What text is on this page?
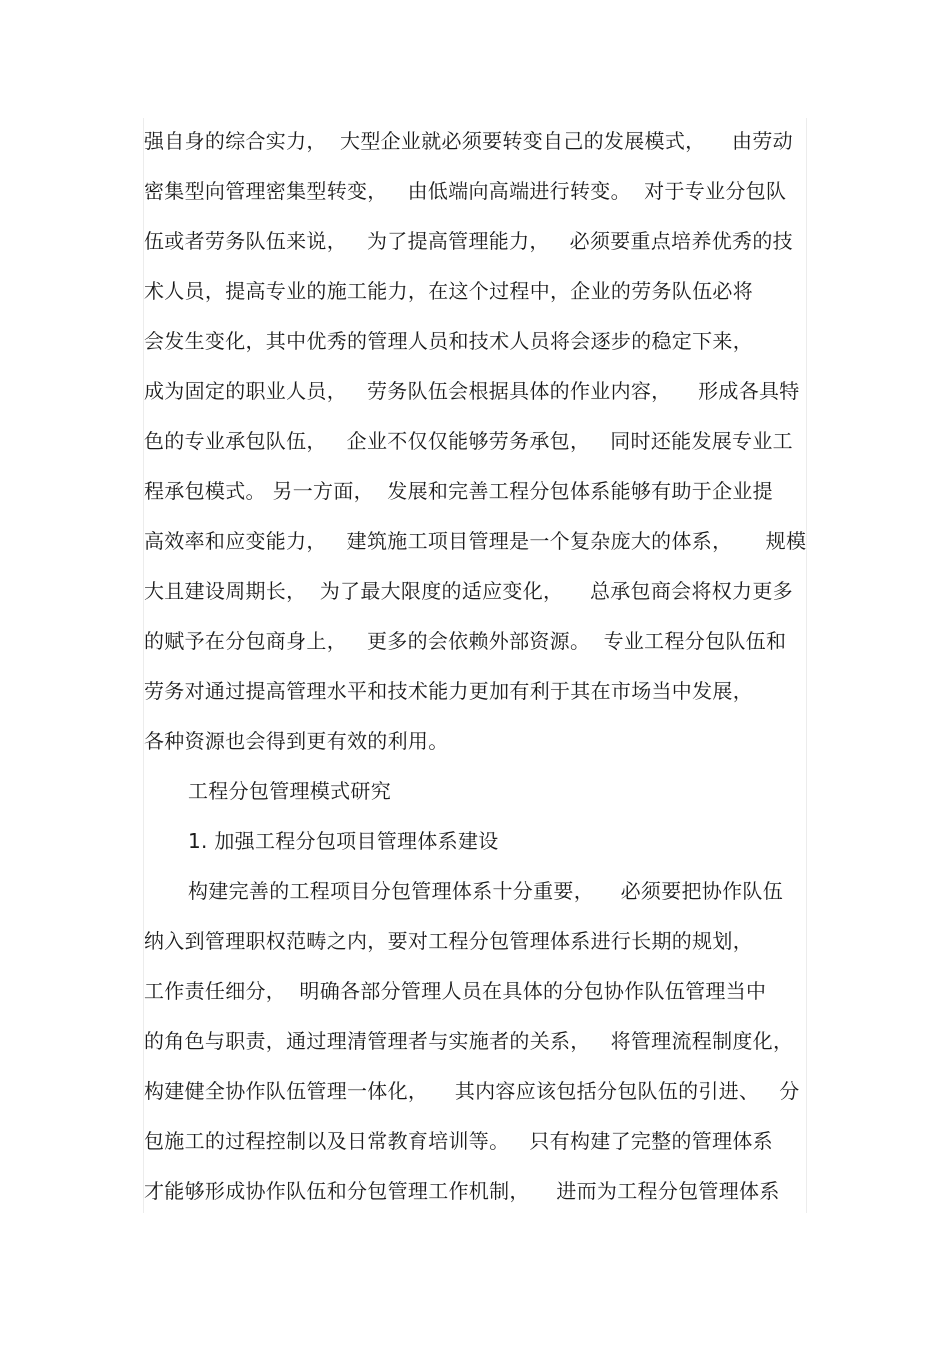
强自身的综合实力，  大型企业就必须要转变自己的发展模式，    由劳动
密集型向管理密集型转变，   由低端向高端进行转变。  对于专业分包队
伍或者劳务队伍来说，   为了提高管理能力，   必须要重点培养优秀的技
术人员，提高专业的施工能力，在这个过程中，企业的劳务队伍必将
会发生变化，其中优秀的管理人员和技术人员将会逐步的稳定下来，
成为固定的职业人员，   劳务队伍会根据具体的作业内容，    形成各具特
色的专业承包队伍，   企业不仅仅能够劳务承包，   同时还能发展专业工
程承包模式。 另一方面，  发展和完善工程分包体系能够有助于企业提
高效率和应变能力，   建筑施工项目管理是一个复杂庞大的体系，     规模
大且建设周期长，  为了最大限度的适应变化，    总承包商会将权力更多
的赋予在分包商身上，   更多的会依赖外部资源。  专业工程分包队伍和
劳务对通过提高管理水平和技术能力更加有利于其在市场当中发展，
各种资源也会得到更有效的利用。
工程分包管理模式研究
1. 加强工程分包项目管理体系建设
构建完善的工程项目分包管理体系十分重要，    必须要把协作队伍
纳入到管理职权范畴之内，要对工程分包管理体系进行长期的规划，
工作责任细分，  明确各部分管理人员在具体的分包协作队伍管理当中
的角色与职责，通过理清管理者与实施者的关系，   将管理流程制度化，
构建健全协作队伍管理一体化，    其内容应该包括分包队伍的引进、   分
包施工的过程控制以及日常教育培训等。   只有构建了完整的管理体系
才能够形成协作队伍和分包管理工作机制，    进而为工程分包管理体系
